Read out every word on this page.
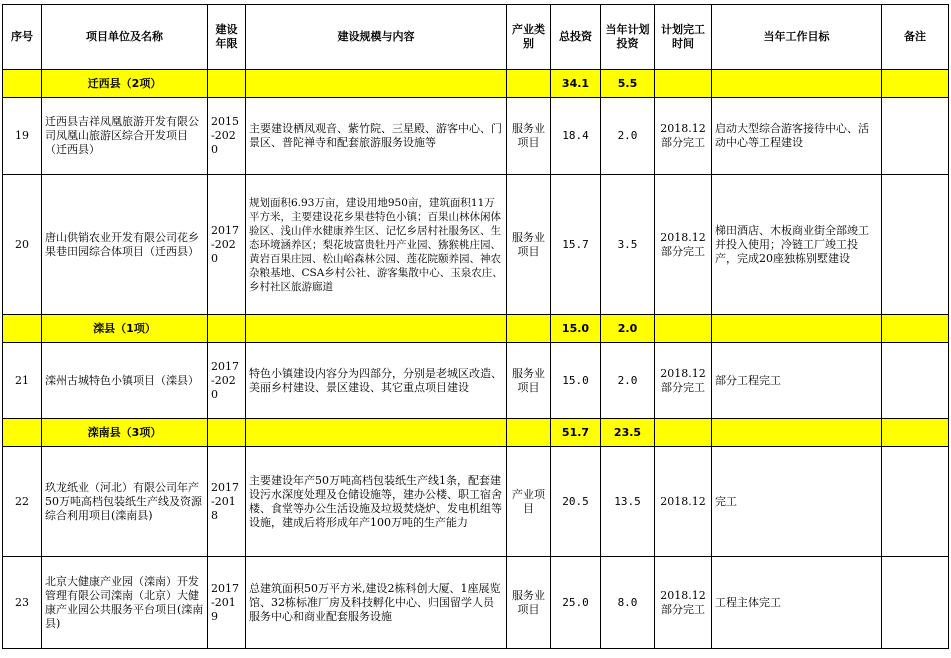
序号	项目单位及名称	建设年限	建设规模与内容	产业类别	总投资	当年计划投资	计划完工时间	当年工作目标	备注
	迁西县（2项）				34.1	5.5			
19	迁西县吉祥凤凰旅游开发有限公司凤凰山旅游区综合开发项目（迁西县）	2015-2020	主要建设栖凤观音、紫竹院、三星殿、游客中心、门景区、普陀禅寺和配套旅游服务设施等	服务业项目	18.4	2.0	2018.12部分完工	启动大型综合游客接待中心、活动中心等工程建设	
20	唐山供销农业开发有限公司花乡果巷田园综合体项目（迁西县）	2017-2020	规划面积6.93万亩，建设用地950亩，建筑面积11万平方米，主要建设花乡果巷特色小镇；百果山林休闲体验区、浅山伴水健康养生区、记忆乡居村社服务区、生态环境涵养区；梨花坡富贵牡丹产业园、猕猴桃庄园、黄岩百果庄园、松山峪森林公园、莲花院颐养园、神农杂粮基地、CSA乡村公社、游客集散中心、玉泉农庄、乡村社区旅游廊道	服务业项目	15.7	3.5	2018.12部分完工	梯田酒店、木板商业街全部竣工并投入使用；冷链工厂竣工投产，完成20座独栋别墅建设	
	滦县（1项）				15.0	2.0			
21	滦州古城特色小镇项目（滦县）	2017-2020	特色小镇建设内容分为四部分，分别是老城区改造、美丽乡村建设、景区建设、其它重点项目建设	服务业项目	15.0	2.0	2018.12部分完工	部分工程完工	
	滦南县（3项）				51.7	23.5			
22	玖龙纸业（河北）有限公司年产50万吨高档包装纸生产线及资源综合利用项目(滦南县)	2017-2018	主要建设年产50万吨高档包装纸生产线1条，配套建设污水深度处理及仓储设施等，建办公楼、职工宿舍楼、食堂等办公生活设施及垃圾焚烧炉、发电机组等设施，建成后将形成年产100万吨的生产能力	产业项目	20.5	13.5	2018.12	完工	
23	北京大健康产业园（滦南）开发管理有限公司滦南（北京）大健康产业园公共服务平台项目(滦南县)	2017-2019	总建筑面积50万平方米,建设2栋科创大厦、1座展览馆、32栋标准厂房及科技孵化中心、归国留学人员服务中心和商业配套服务设施	服务业项目	25.0	8.0	2018.12部分完工	工程主体完工	
